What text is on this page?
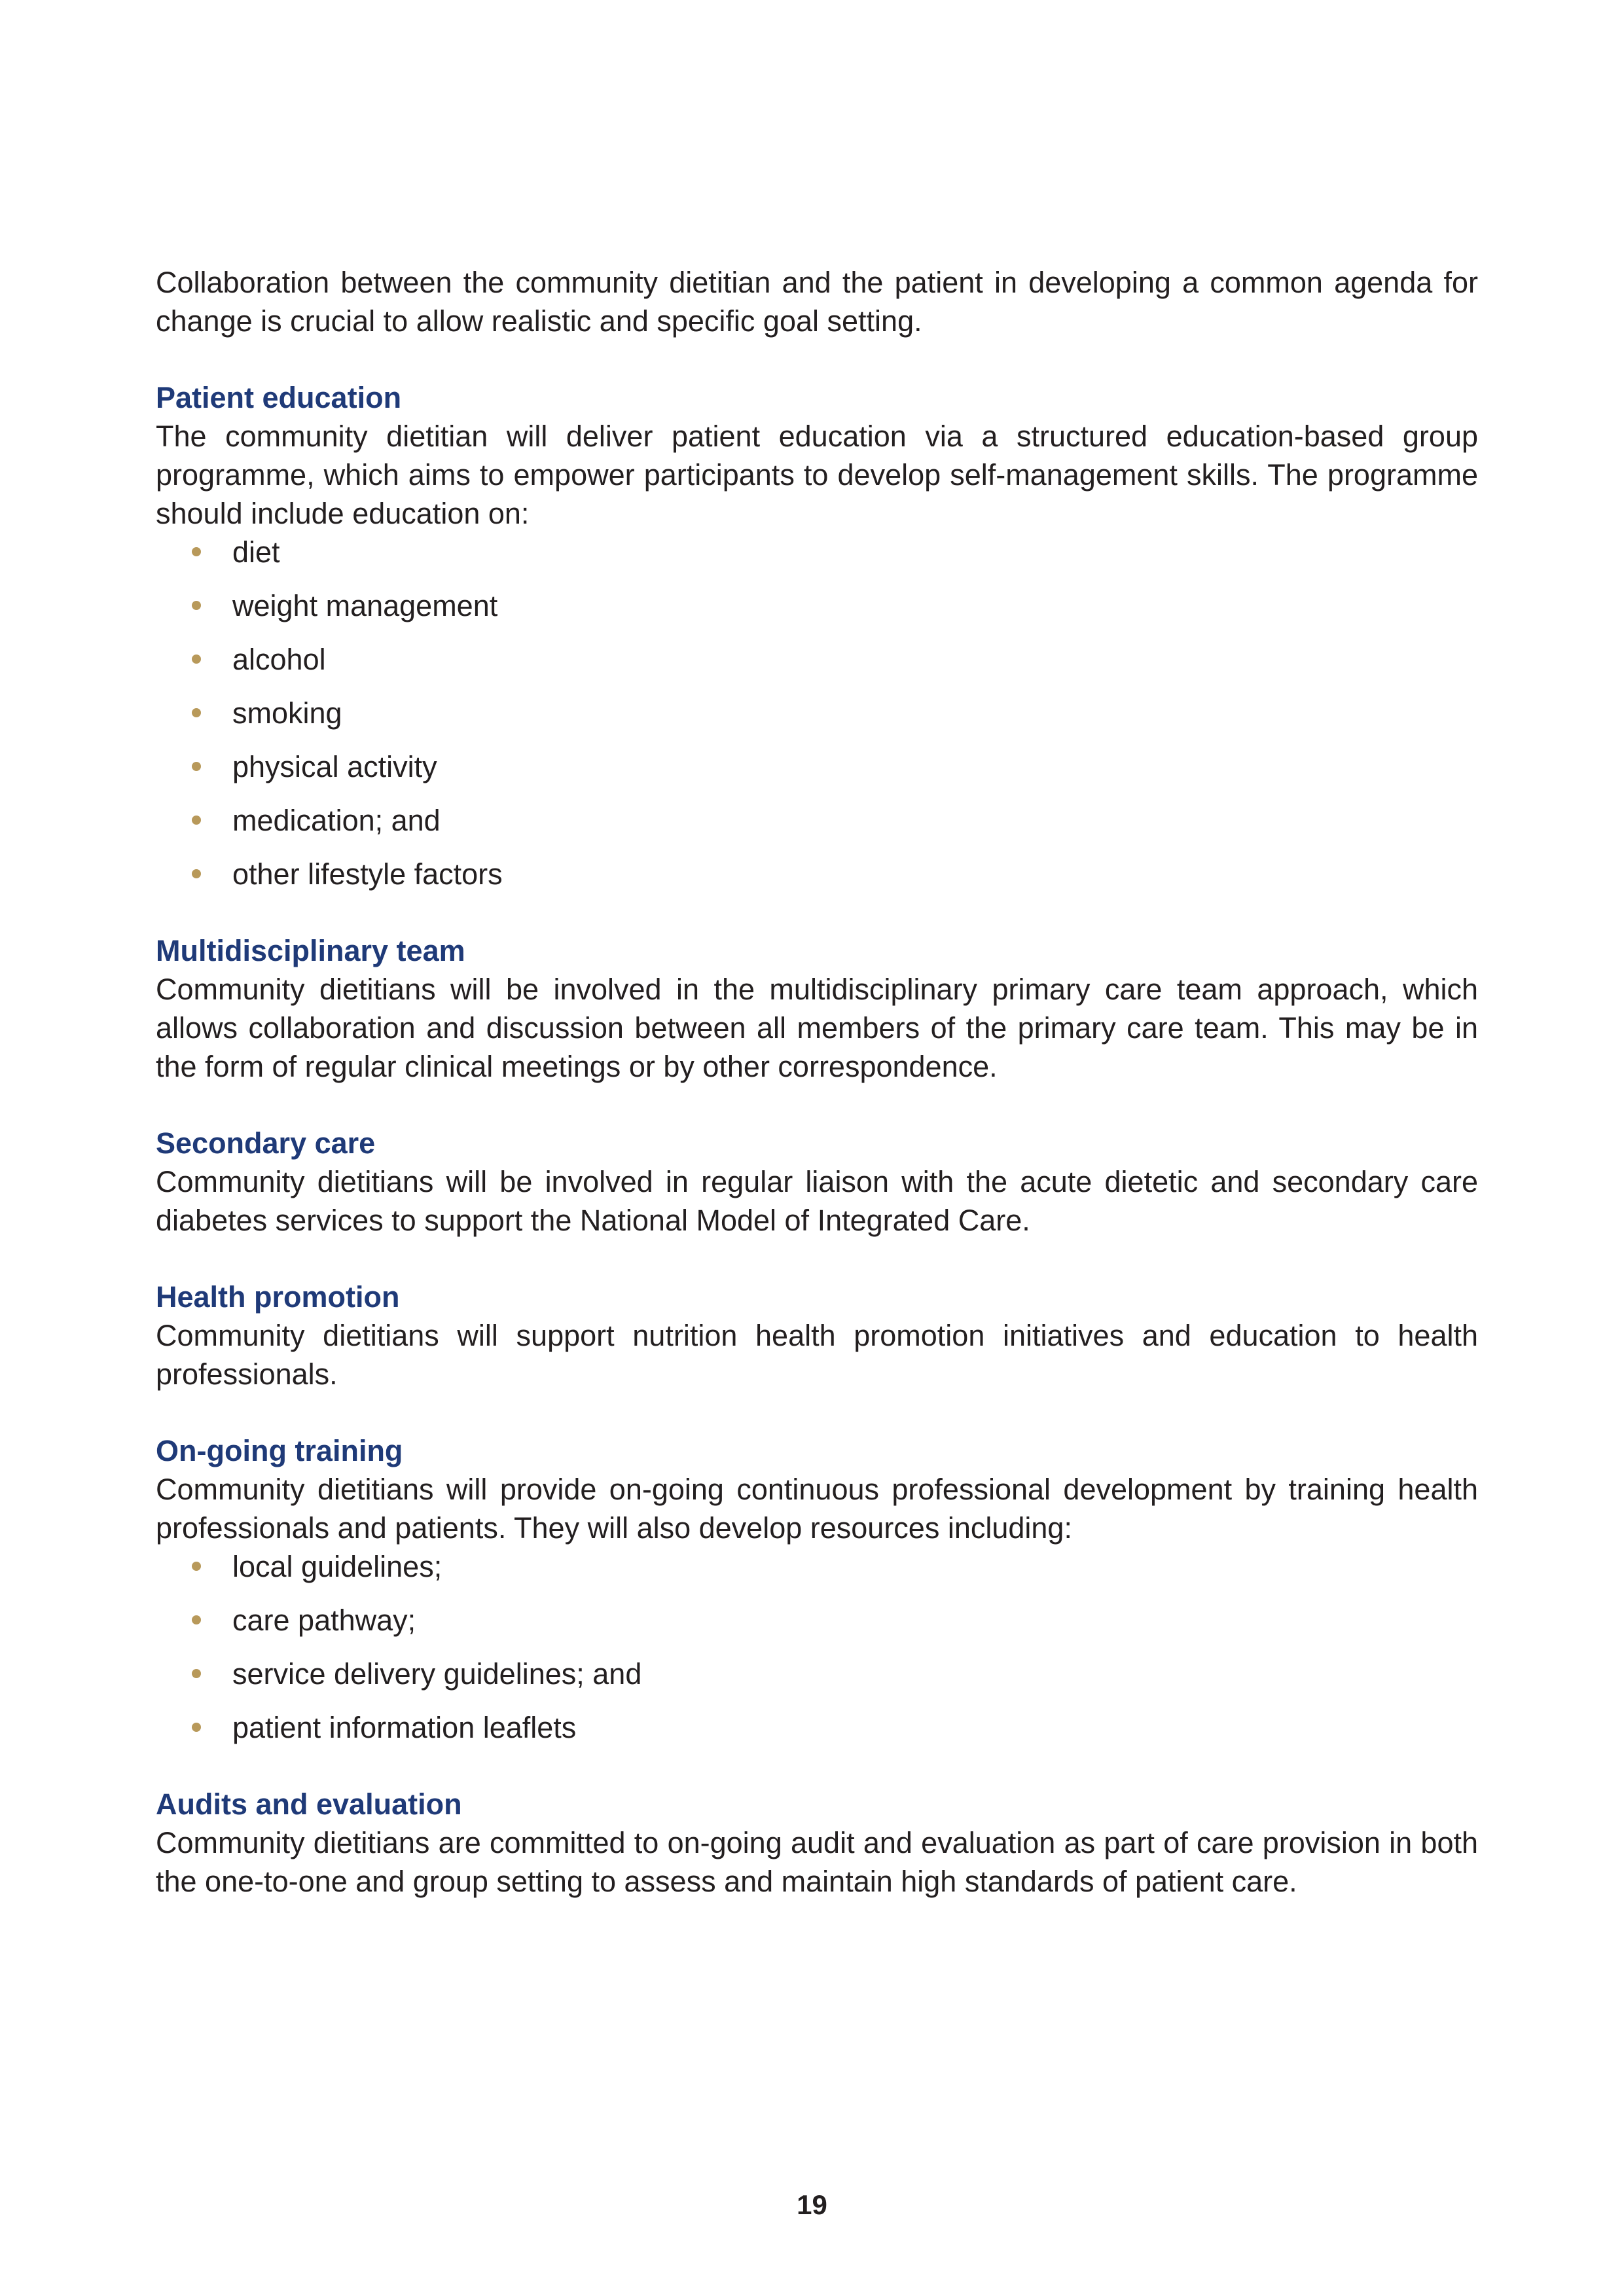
Collaboration between the community dietitian and the patient in developing a common agenda for change is crucial to allow realistic and specific goal setting.

Patient education

The community dietitian will deliver patient education via a structured education-based group programme, which aims to empower participants to develop self-management skills. The programme should include education on:

diet
weight management
alcohol
smoking
physical activity
medication; and
other lifestyle factors
Multidisciplinary team

Community dietitians will be involved in the multidisciplinary primary care team approach, which allows collaboration and discussion between all members of the primary care team. This may be in the form of regular clinical meetings or by other correspondence.

Secondary care

Community dietitians will be involved in regular liaison with the acute dietetic and secondary care diabetes services to support the National Model of Integrated Care.

Health promotion

Community dietitians will support nutrition health promotion initiatives and education to health professionals.

On-going training

Community dietitians will provide on-going continuous professional development by training health professionals and patients. They will also develop resources including:

local guidelines;
care pathway;
service delivery guidelines; and
patient information leaflets
Audits and evaluation

Community dietitians are committed to on-going audit and evaluation as part of care provision in both the one-to-one and group setting to assess and maintain high standards of patient care.

19
